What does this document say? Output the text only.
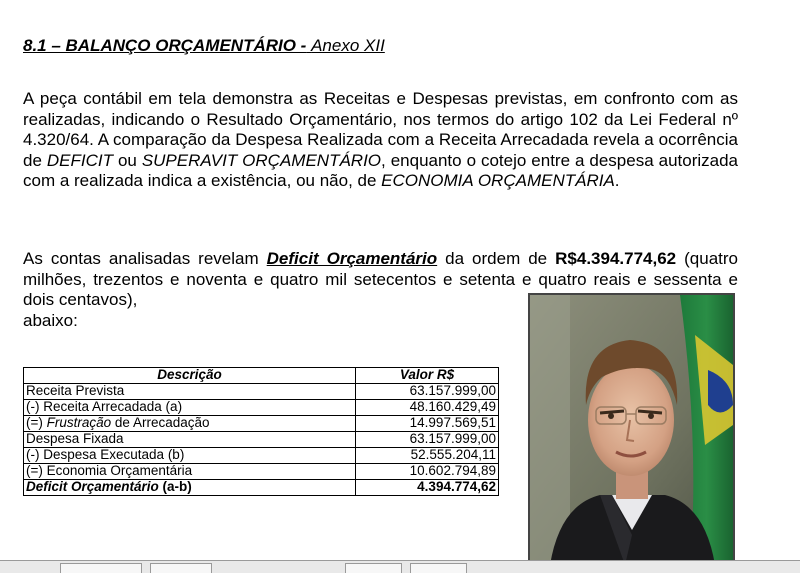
8.1 – BALANÇO ORÇAMENTÁRIO - Anexo XII
A peça contábil em tela demonstra as Receitas e Despesas previstas, em confronto com as realizadas, indicando o Resultado Orçamentário, nos termos do artigo 102 da Lei Federal nº 4.320/64. A comparação da Despesa Realizada com a Receita Arrecadada revela a ocorrência de DEFICIT ou SUPERAVIT ORÇAMENTÁRIO, enquanto o cotejo entre a despesa autorizada com a realizada indica a existência, ou não, de ECONOMIA ORÇAMENTÁRIA.
As contas analisadas revelam Deficit Orçamentário da ordem de R$4.394.774,62 (quatro milhões, trezentos e noventa e quatro mil setecentos e setenta e quatro reais e sessenta e dois centavos),
abaixo:
Descrição	Valor R$
Receita Prevista	63.157.999,00
(-) Receita Arrecadada (a)	48.160.429,49
(=) Frustração de Arrecadação	14.997.569,51
Despesa Fixada	63.157.999,00
(-) Despesa Executada (b)	52.555.204,11
(=) Economia Orçamentária	10.602.794,89
Deficit Orçamentário (a-b)	4.394.774,62
